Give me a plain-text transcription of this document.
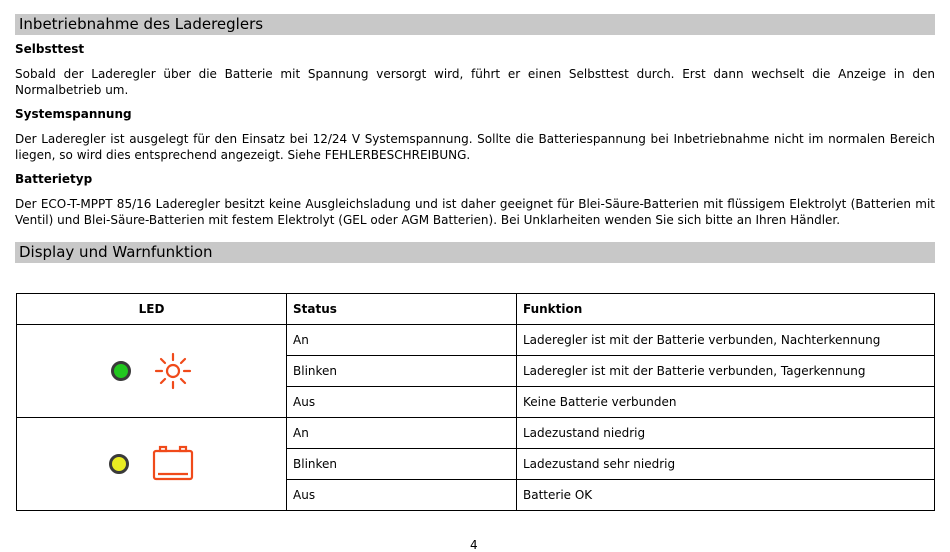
Inbetriebnahme des Ladereglers
Selbsttest
Sobald der Laderegler über die Batterie mit Spannung versorgt wird, führt er einen Selbsttest durch. Erst dann wechselt die Anzeige in den Normalbetrieb um.
Systemspannung
Der Laderegler ist ausgelegt für den Einsatz bei 12/24 V Systemspannung. Sollte die Batteriespannung bei Inbetriebnahme nicht im normalen Bereich liegen, so wird dies entsprechend angezeigt. Siehe FEHLERBESCHREIBUNG.
Batterietyp
Der ECO-T-MPPT 85/16 Laderegler besitzt keine Ausgleichsladung und ist daher geeignet für Blei-Säure-Batterien mit flüssigem Elektrolyt (Batterien mit Ventil) und Blei-Säure-Batterien mit festem Elektrolyt (GEL oder AGM Batterien). Bei Unklarheiten wenden Sie sich bitte an Ihren Händler.
Display und Warnfunktion
LED	Status	Funktion

	An	Laderegler ist mit der Batterie verbunden, Nachterkennung
	Blinken	Laderegler ist mit der Batterie verbunden, Tagerkennung
	Aus	Keine Batterie verbunden

	An	Ladezustand niedrig
	Blinken	Ladezustand sehr niedrig
	Aus	Batterie OK
4
